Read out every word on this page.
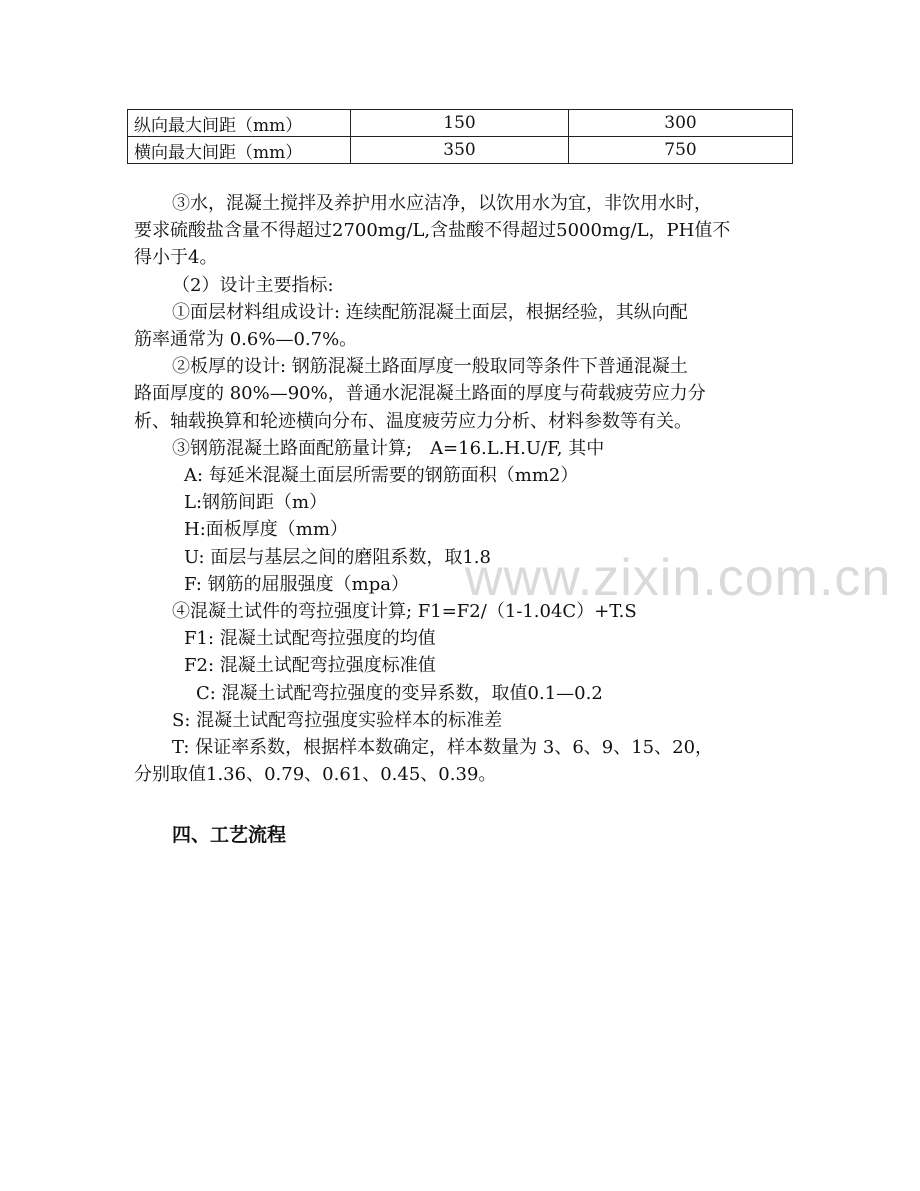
纵向最大间距（mm）	150	300
横向最大间距（mm）	350	750

③水，混凝土搅拌及养护用水应洁净，以饮用水为宜，非饮用水时，

要求硫酸盐含量不得超过2700mg/L,含盐酸不得超过5000mg/L，PH值不

得小于4。

（2）设计主要指标:

①面层材料组成设计: 连续配筋混凝土面层，根据经验，其纵向配

筋率通常为 0.6%—0.7%。

②板厚的设计: 钢筋混凝土路面厚度一般取同等条件下普通混凝土

路面厚度的 80%—90%，普通水泥混凝土路面的厚度与荷载疲劳应力分

析、轴载换算和轮迹横向分布、温度疲劳应力分析、材料参数等有关。

③钢筋混凝土路面配筋量计算;　A=16.L.H.U/F, 其中

A: 每延米混凝土面层所需要的钢筋面积（mm2）

L:钢筋间距（m）

H:面板厚度（mm）

U: 面层与基层之间的磨阻系数，取1.8

F: 钢筋的屈服强度（mpa）

④混凝土试件的弯拉强度计算; F1=F2/（1-1.04C）+T.S

F1: 混凝土试配弯拉强度的均值

F2: 混凝土试配弯拉强度标准值

C: 混凝土试配弯拉强度的变异系数，取值0.1—0.2

S: 混凝土试配弯拉强度实验样本的标准差

T: 保证率系数，根据样本数确定，样本数量为 3、6、9、15、20，

分别取值1.36、0.79、0.61、0.45、0.39。

四、工艺流程
www.zixin.com.cn
